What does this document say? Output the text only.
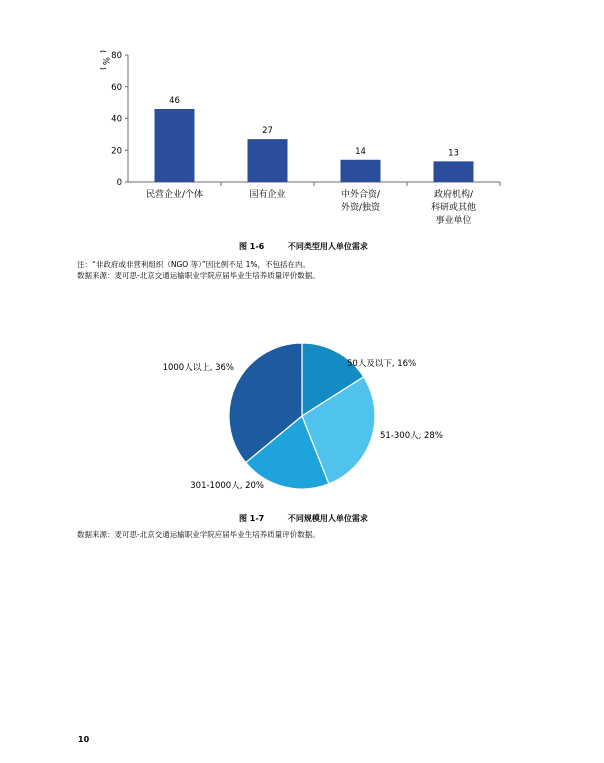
0
20
40
60
80
%
46
民营企业/个体
27
国有企业
14
中外合资/
外资/独资
13
政府机构/
科研或其他
事业单位
图 1-6	不同类型用人单位需求
注：“非政府或非营利组织（NGO 等）”因比例不足 1%，不包括在内。
数据来源：麦可思-北京交通运输职业学院应届毕业生培养质量评价数据。
50人及以下, 16%
51-300人, 28%
301-1000人, 20%
1000人以上, 36%
图 1-7	不同规模用人单位需求
数据来源：麦可思-北京交通运输职业学院应届毕业生培养质量评价数据。
10
